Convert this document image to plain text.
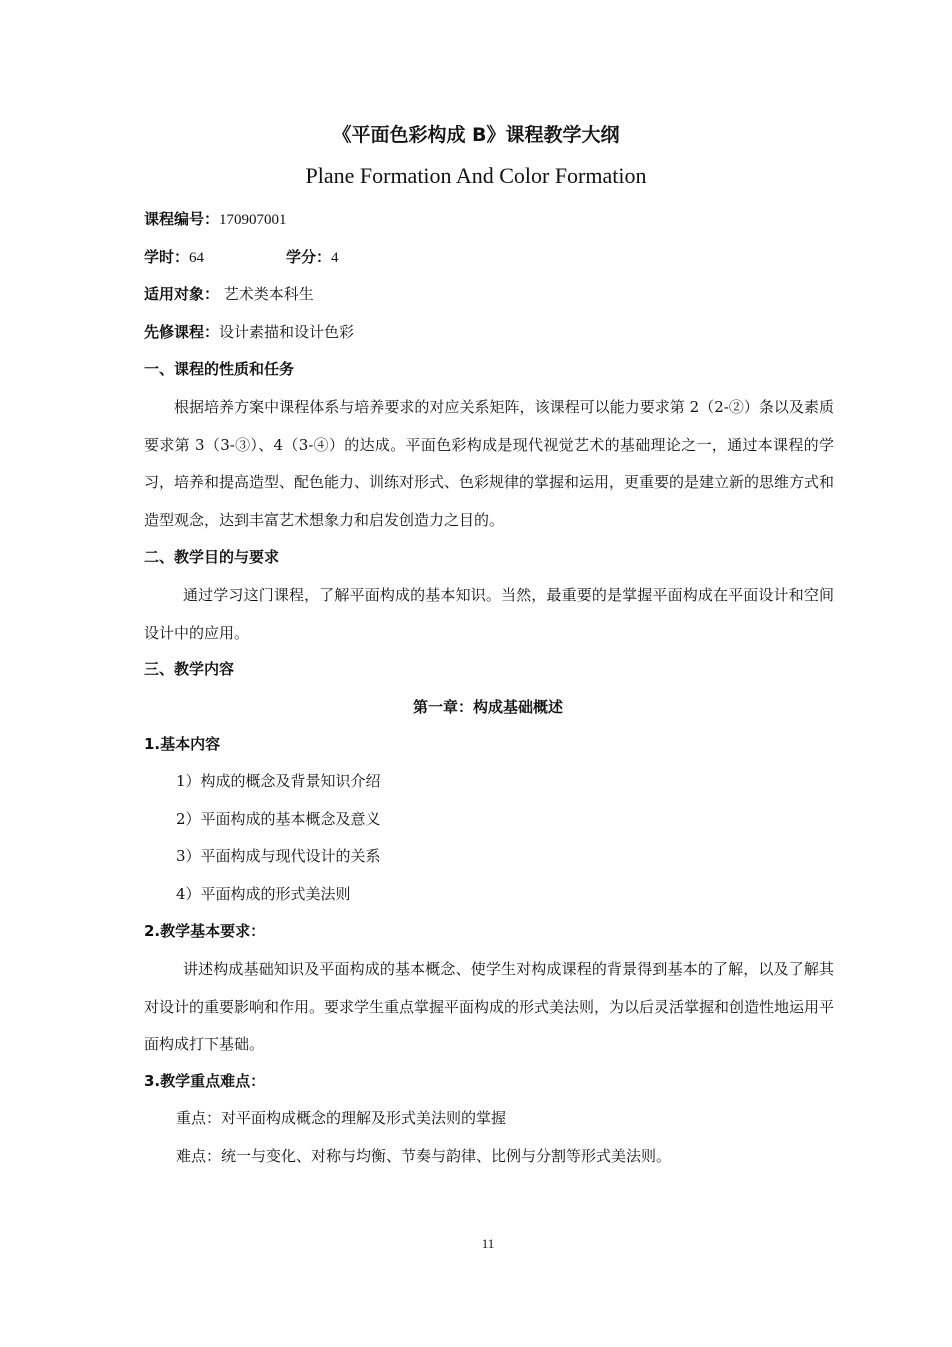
《平面色彩构成 B》课程教学大纲
Plane Formation And Color Formation
课程编号：170907001
学时：64	学分：4
适用对象： 艺术类本科生
先修课程：设计素描和设计色彩
一、课程的性质和任务

根据培养方案中课程体系与培养要求的对应关系矩阵，该课程可以能力要求第 2（2-②）条以及素质要求第 3（3-③）、4（3-④）的达成。平面色彩构成是现代视觉艺术的基础理论之一，通过本课程的学习，培养和提高造型、配色能力、训练对形式、色彩规律的掌握和运用，更重要的是建立新的思维方式和造型观念，达到丰富艺术想象力和启发创造力之目的。

二、教学目的与要求

通过学习这门课程，了解平面构成的基本知识。当然，最重要的是掌握平面构成在平面设计和空间设计中的应用。

三、教学内容
第一章：构成基础概述
1.基本内容
1）构成的概念及背景知识介绍
2）平面构成的基本概念及意义
3）平面构成与现代设计的关系
4）平面构成的形式美法则
2.教学基本要求：

讲述构成基础知识及平面构成的基本概念、使学生对构成课程的背景得到基本的了解，以及了解其对设计的重要影响和作用。要求学生重点掌握平面构成的形式美法则，为以后灵活掌握和创造性地运用平面构成打下基础。

3.教学重点难点：
重点：对平面构成概念的理解及形式美法则的掌握
难点：统一与变化、对称与均衡、节奏与韵律、比例与分割等形式美法则。
11
